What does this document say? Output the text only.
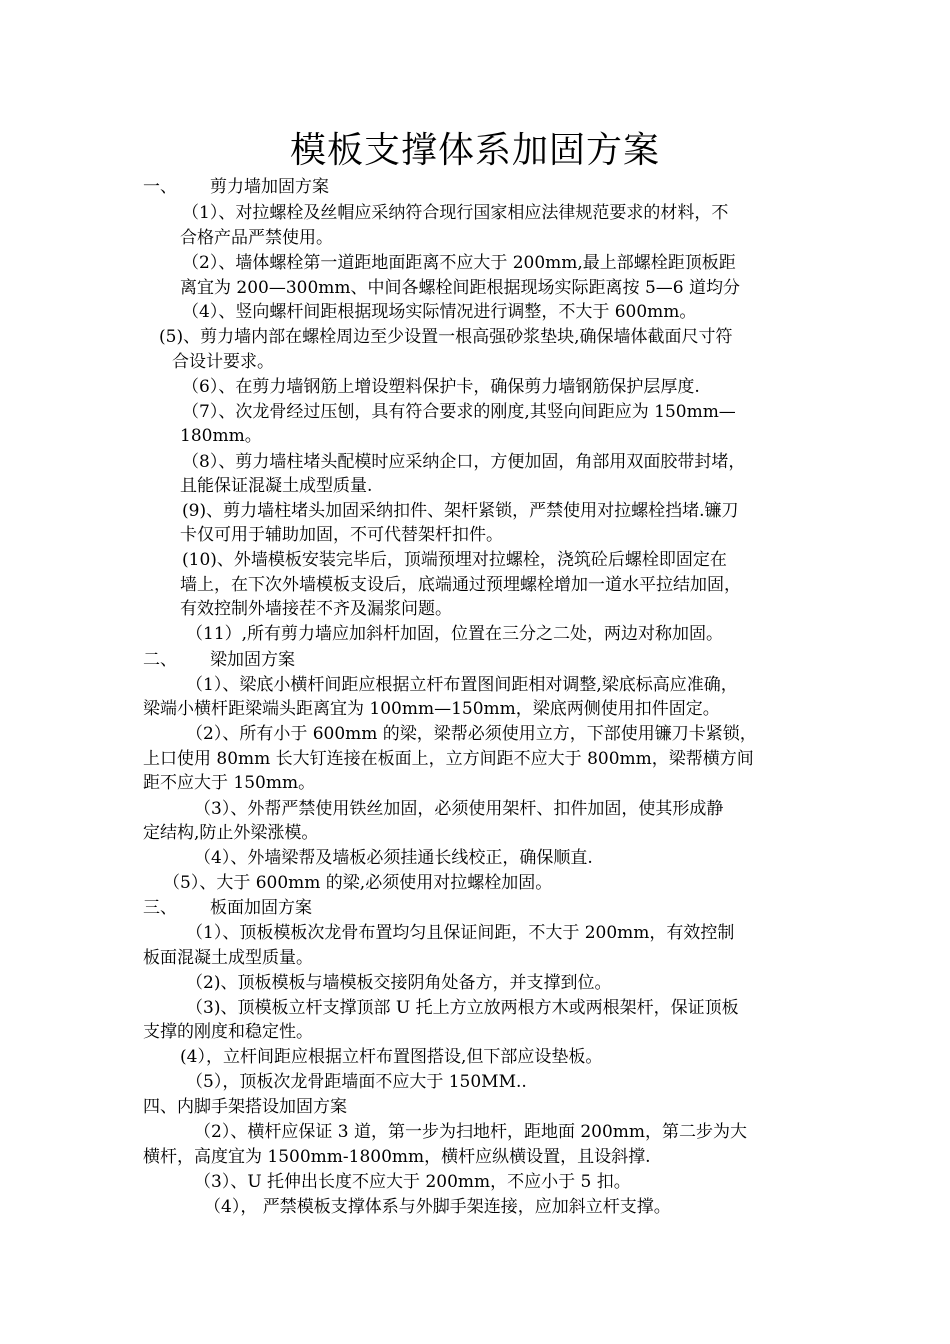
模板支撑体系加固方案
一、 剪力墙加固方案
（1）、对拉螺栓及丝帽应采纳符合现行国家相应法律规范要求的材料，不
合格产品严禁使用。
（2）、墙体螺栓第一道距地面距离不应大于 200mm,最上部螺栓距顶板距
离宜为 200—300mm、中间各螺栓间距根据现场实际距离按 5—6 道均分
（4）、竖向螺杆间距根据现场实际情况进行调整，不大于 600mm。
(5)、剪力墙内部在螺栓周边至少设置一根高强砂浆垫块,确保墙体截面尺寸符
合设计要求。
（6）、在剪力墙钢筋上增设塑料保护卡，确保剪力墙钢筋保护层厚度.
（7）、次龙骨经过压刨，具有符合要求的刚度,其竖向间距应为 150mm—
180mm。
（8）、剪力墙柱堵头配模时应采纳企口，方便加固，角部用双面胶带封堵，
且能保证混凝土成型质量.
(9)、剪力墙柱堵头加固采纳扣件、架杆紧锁，严禁使用对拉螺栓挡堵.镰刀
卡仅可用于辅助加固，不可代替架杆扣件。
(10)、外墙模板安装完毕后，顶端预埋对拉螺栓，浇筑砼后螺栓即固定在
墙上，在下次外墙模板支设后，底端通过预埋螺栓增加一道水平拉结加固，
有效控制外墙接茬不齐及漏浆问题。
（11）,所有剪力墙应加斜杆加固，位置在三分之二处，两边对称加固。
二、 梁加固方案
（1）、梁底小横杆间距应根据立杆布置图间距相对调整,梁底标高应准确，
梁端小横杆距梁端头距离宜为 100mm—150mm，梁底两侧使用扣件固定。
（2）、所有小于 600mm 的梁，梁帮必须使用立方，下部使用镰刀卡紧锁，
上口使用 80mm 长大钉连接在板面上，立方间距不应大于 800mm，梁帮横方间
距不应大于 150mm。
（3）、外帮严禁使用铁丝加固，必须使用架杆、扣件加固，使其形成静
定结构,防止外梁涨模。
（4）、外墙梁帮及墙板必须挂通长线校正，确保顺直.
（5）、大于 600mm 的梁,必须使用对拉螺栓加固。
三、 板面加固方案
（1）、顶板模板次龙骨布置均匀且保证间距，不大于 200mm，有效控制
板面混凝土成型质量。
（2)、顶板模板与墙模板交接阴角处备方，并支撑到位。
（3)、顶模板立杆支撑顶部 U 托上方立放两根方木或两根架杆，保证顶板
支撑的刚度和稳定性。
(4），立杆间距应根据立杆布置图搭设,但下部应设垫板。
（5），顶板次龙骨距墙面不应大于 150MM..
四、内脚手架搭设加固方案
（2）、横杆应保证 3 道，第一步为扫地杆，距地面 200mm，第二步为大
横杆，高度宜为 1500mm-1800mm，横杆应纵横设置，且设斜撑.
（3）、U 托伸出长度不应大于 200mm，不应小于 5 扣。
（4）， 严禁模板支撑体系与外脚手架连接，应加斜立杆支撑。
